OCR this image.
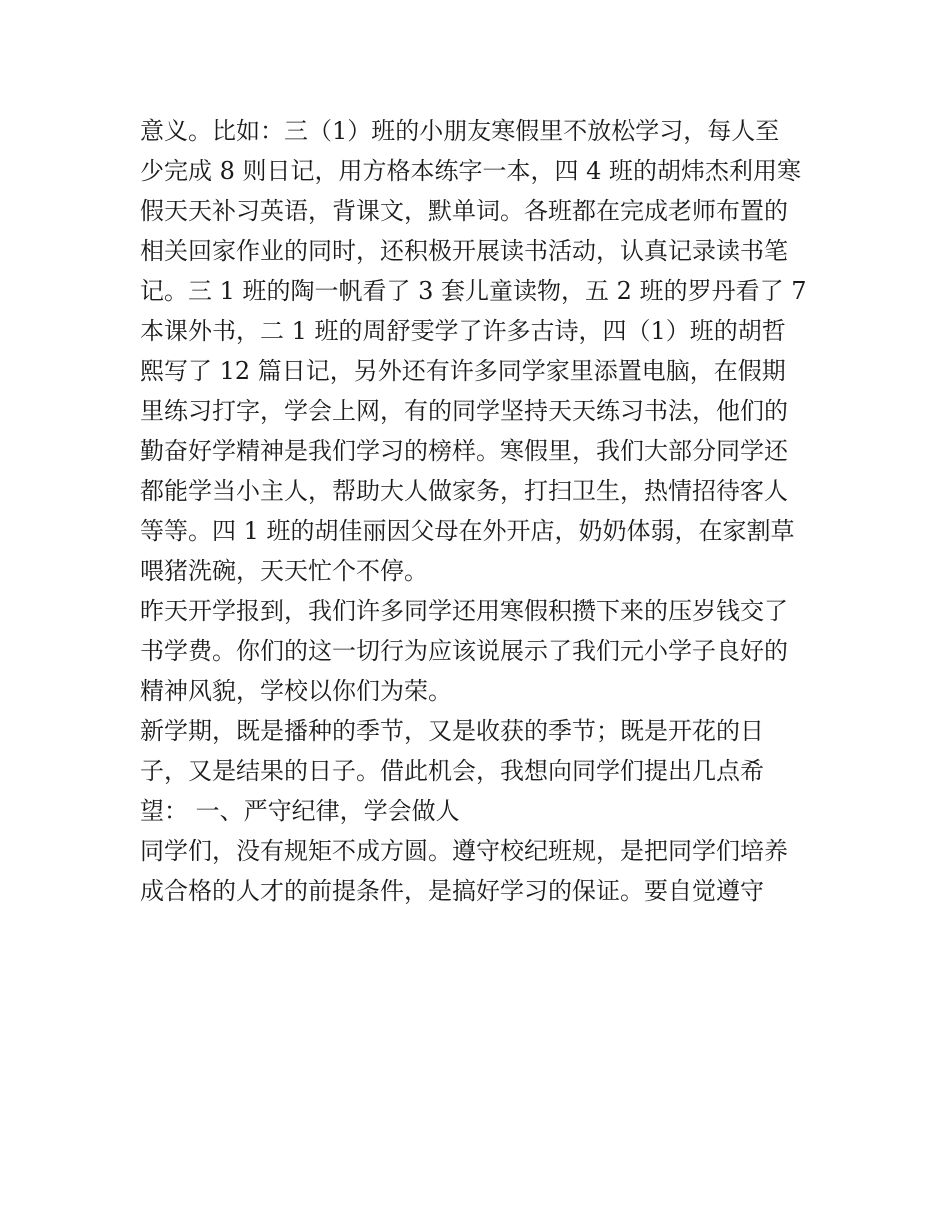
意义。比如：三（1）班的小朋友寒假里不放松学习，每人至
少完成 8 则日记，用方格本练字一本，四 4 班的胡炜杰利用寒
假天天补习英语，背课文，默单词。各班都在完成老师布置的
相关回家作业的同时，还积极开展读书活动，认真记录读书笔
记。三 1 班的陶一帆看了 3 套儿童读物，五 2 班的罗丹看了 7
本课外书，二 1 班的周舒雯学了许多古诗，四（1）班的胡哲
熙写了 12 篇日记，另外还有许多同学家里添置电脑，在假期
里练习打字，学会上网，有的同学坚持天天练习书法，他们的
勤奋好学精神是我们学习的榜样。寒假里，我们大部分同学还
都能学当小主人，帮助大人做家务，打扫卫生，热情招待客人
等等。四 1 班的胡佳丽因父母在外开店，奶奶体弱，在家割草
喂猪洗碗，天天忙个不停。
昨天开学报到，我们许多同学还用寒假积攒下来的压岁钱交了
书学费。你们的这一切行为应该说展示了我们元小学子良好的
精神风貌，学校以你们为荣。
新学期，既是播种的季节，又是收获的季节；既是开花的日
子，又是结果的日子。借此机会，我想向同学们提出几点希
望： 一、严守纪律，学会做人
同学们，没有规矩不成方圆。遵守校纪班规，是把同学们培养
成合格的人才的前提条件，是搞好学习的保证。要自觉遵守
